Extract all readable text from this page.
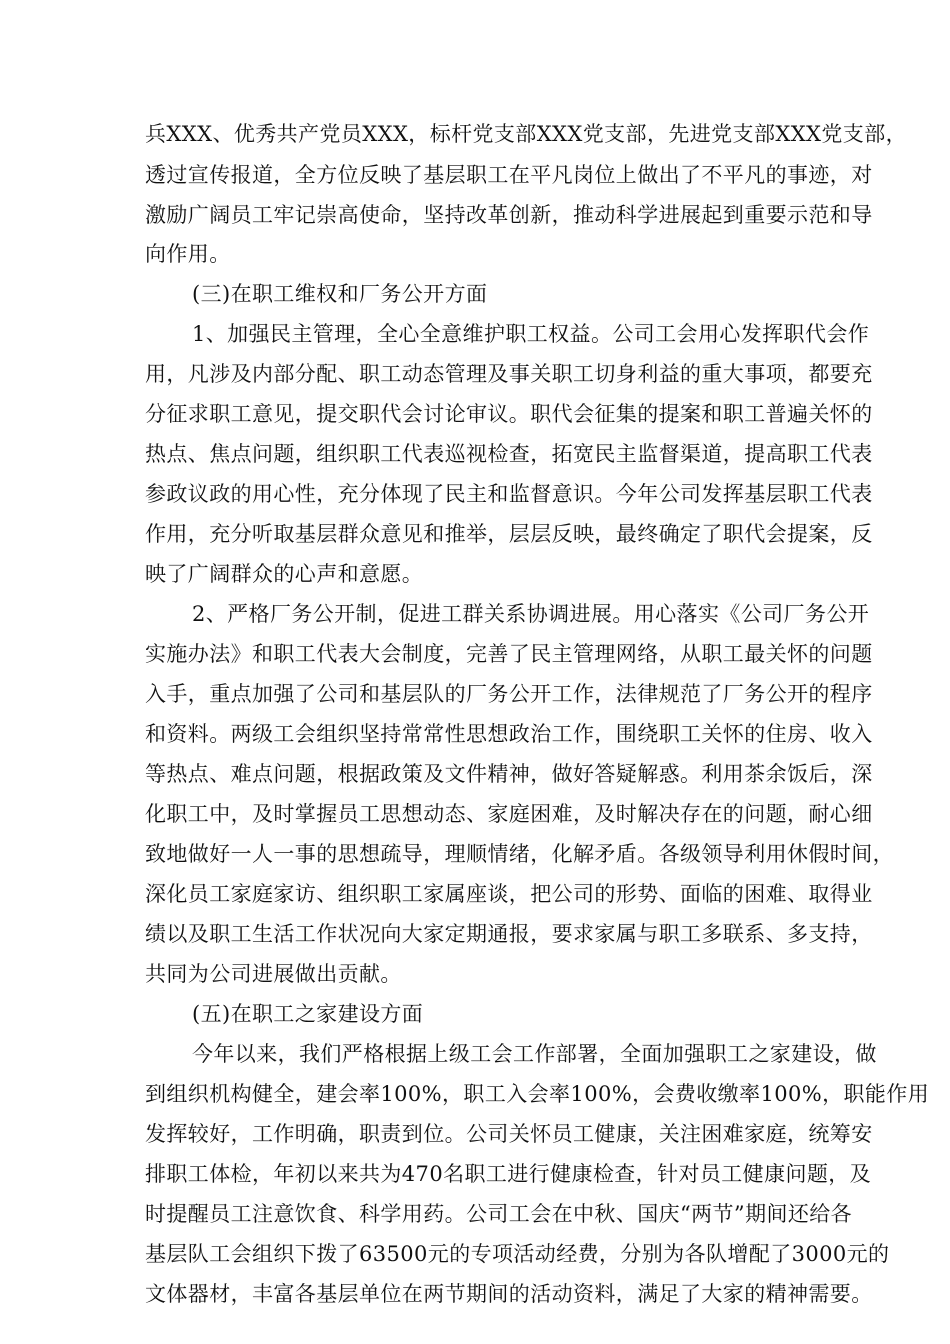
兵XXX、优秀共产党员XXX，标杆党支部XXX党支部，先进党支部XXX党支部，
透过宣传报道，全方位反映了基层职工在平凡岗位上做出了不平凡的事迹，对
激励广阔员工牢记崇高使命，坚持改革创新，推动科学进展起到重要示范和导
向作用。
(三)在职工维权和厂务公开方面
1、加强民主管理，全心全意维护职工权益。公司工会用心发挥职代会作
用，凡涉及内部分配、职工动态管理及事关职工切身利益的重大事项，都要充
分征求职工意见，提交职代会讨论审议。职代会征集的提案和职工普遍关怀的
热点、焦点问题，组织职工代表巡视检查，拓宽民主监督渠道，提高职工代表
参政议政的用心性，充分体现了民主和监督意识。今年公司发挥基层职工代表
作用，充分听取基层群众意见和推举，层层反映，最终确定了职代会提案，反
映了广阔群众的心声和意愿。
2、严格厂务公开制，促进工群关系协调进展。用心落实《公司厂务公开
实施办法》和职工代表大会制度，完善了民主管理网络，从职工最关怀的问题
入手，重点加强了公司和基层队的厂务公开工作，法律规范了厂务公开的程序
和资料。两级工会组织坚持常常性思想政治工作，围绕职工关怀的住房、收入
等热点、难点问题，根据政策及文件精神，做好答疑解惑。利用茶余饭后，深
化职工中，及时掌握员工思想动态、家庭困难，及时解决存在的问题，耐心细
致地做好一人一事的思想疏导，理顺情绪，化解矛盾。各级领导利用休假时间，
深化员工家庭家访、组织职工家属座谈，把公司的形势、面临的困难、取得业
绩以及职工生活工作状况向大家定期通报，要求家属与职工多联系、多支持，
共同为公司进展做出贡献。
(五)在职工之家建设方面
今年以来，我们严格根据上级工会工作部署，全面加强职工之家建设，做
到组织机构健全，建会率100%，职工入会率100%，会费收缴率100%，职能作用
发挥较好，工作明确，职责到位。公司关怀员工健康，关注困难家庭，统筹安
排职工体检，年初以来共为470名职工进行健康检查，针对员工健康问题，及
时提醒员工注意饮食、科学用药。公司工会在中秋、国庆“两节”期间还给各
基层队工会组织下拨了63500元的专项活动经费，分别为各队增配了3000元的
文体器材，丰富各基层单位在两节期间的活动资料，满足了大家的精神需要。
